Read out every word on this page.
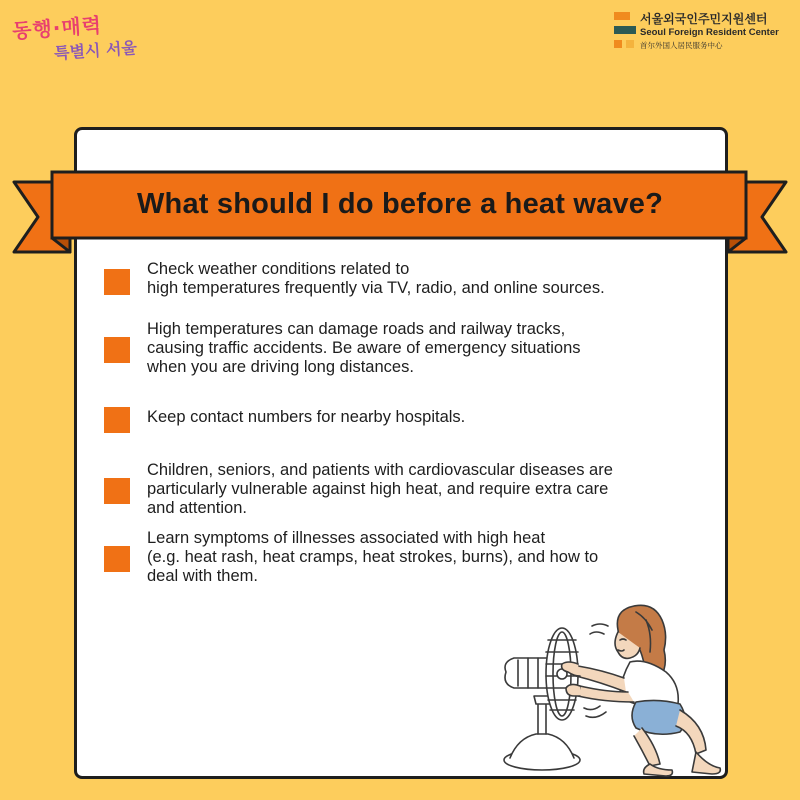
동행·매력
특별시 서울
서울외국인주민지원센터
Seoul Foreign Resident Center
首尔外国人居民服务中心
What should I do before a heat wave?
Check weather conditions related to
high temperatures frequently via TV, radio, and online sources.
High temperatures can damage roads and railway tracks,
causing traffic accidents. Be aware of emergency situations
when you are driving long distances.
Keep contact numbers for nearby hospitals.
Children, seniors, and patients with cardiovascular diseases are
particularly vulnerable against high heat, and require extra care
and attention.
Learn symptoms of illnesses associated with high heat
(e.g. heat rash, heat cramps, heat strokes, burns), and how to
deal with them.
